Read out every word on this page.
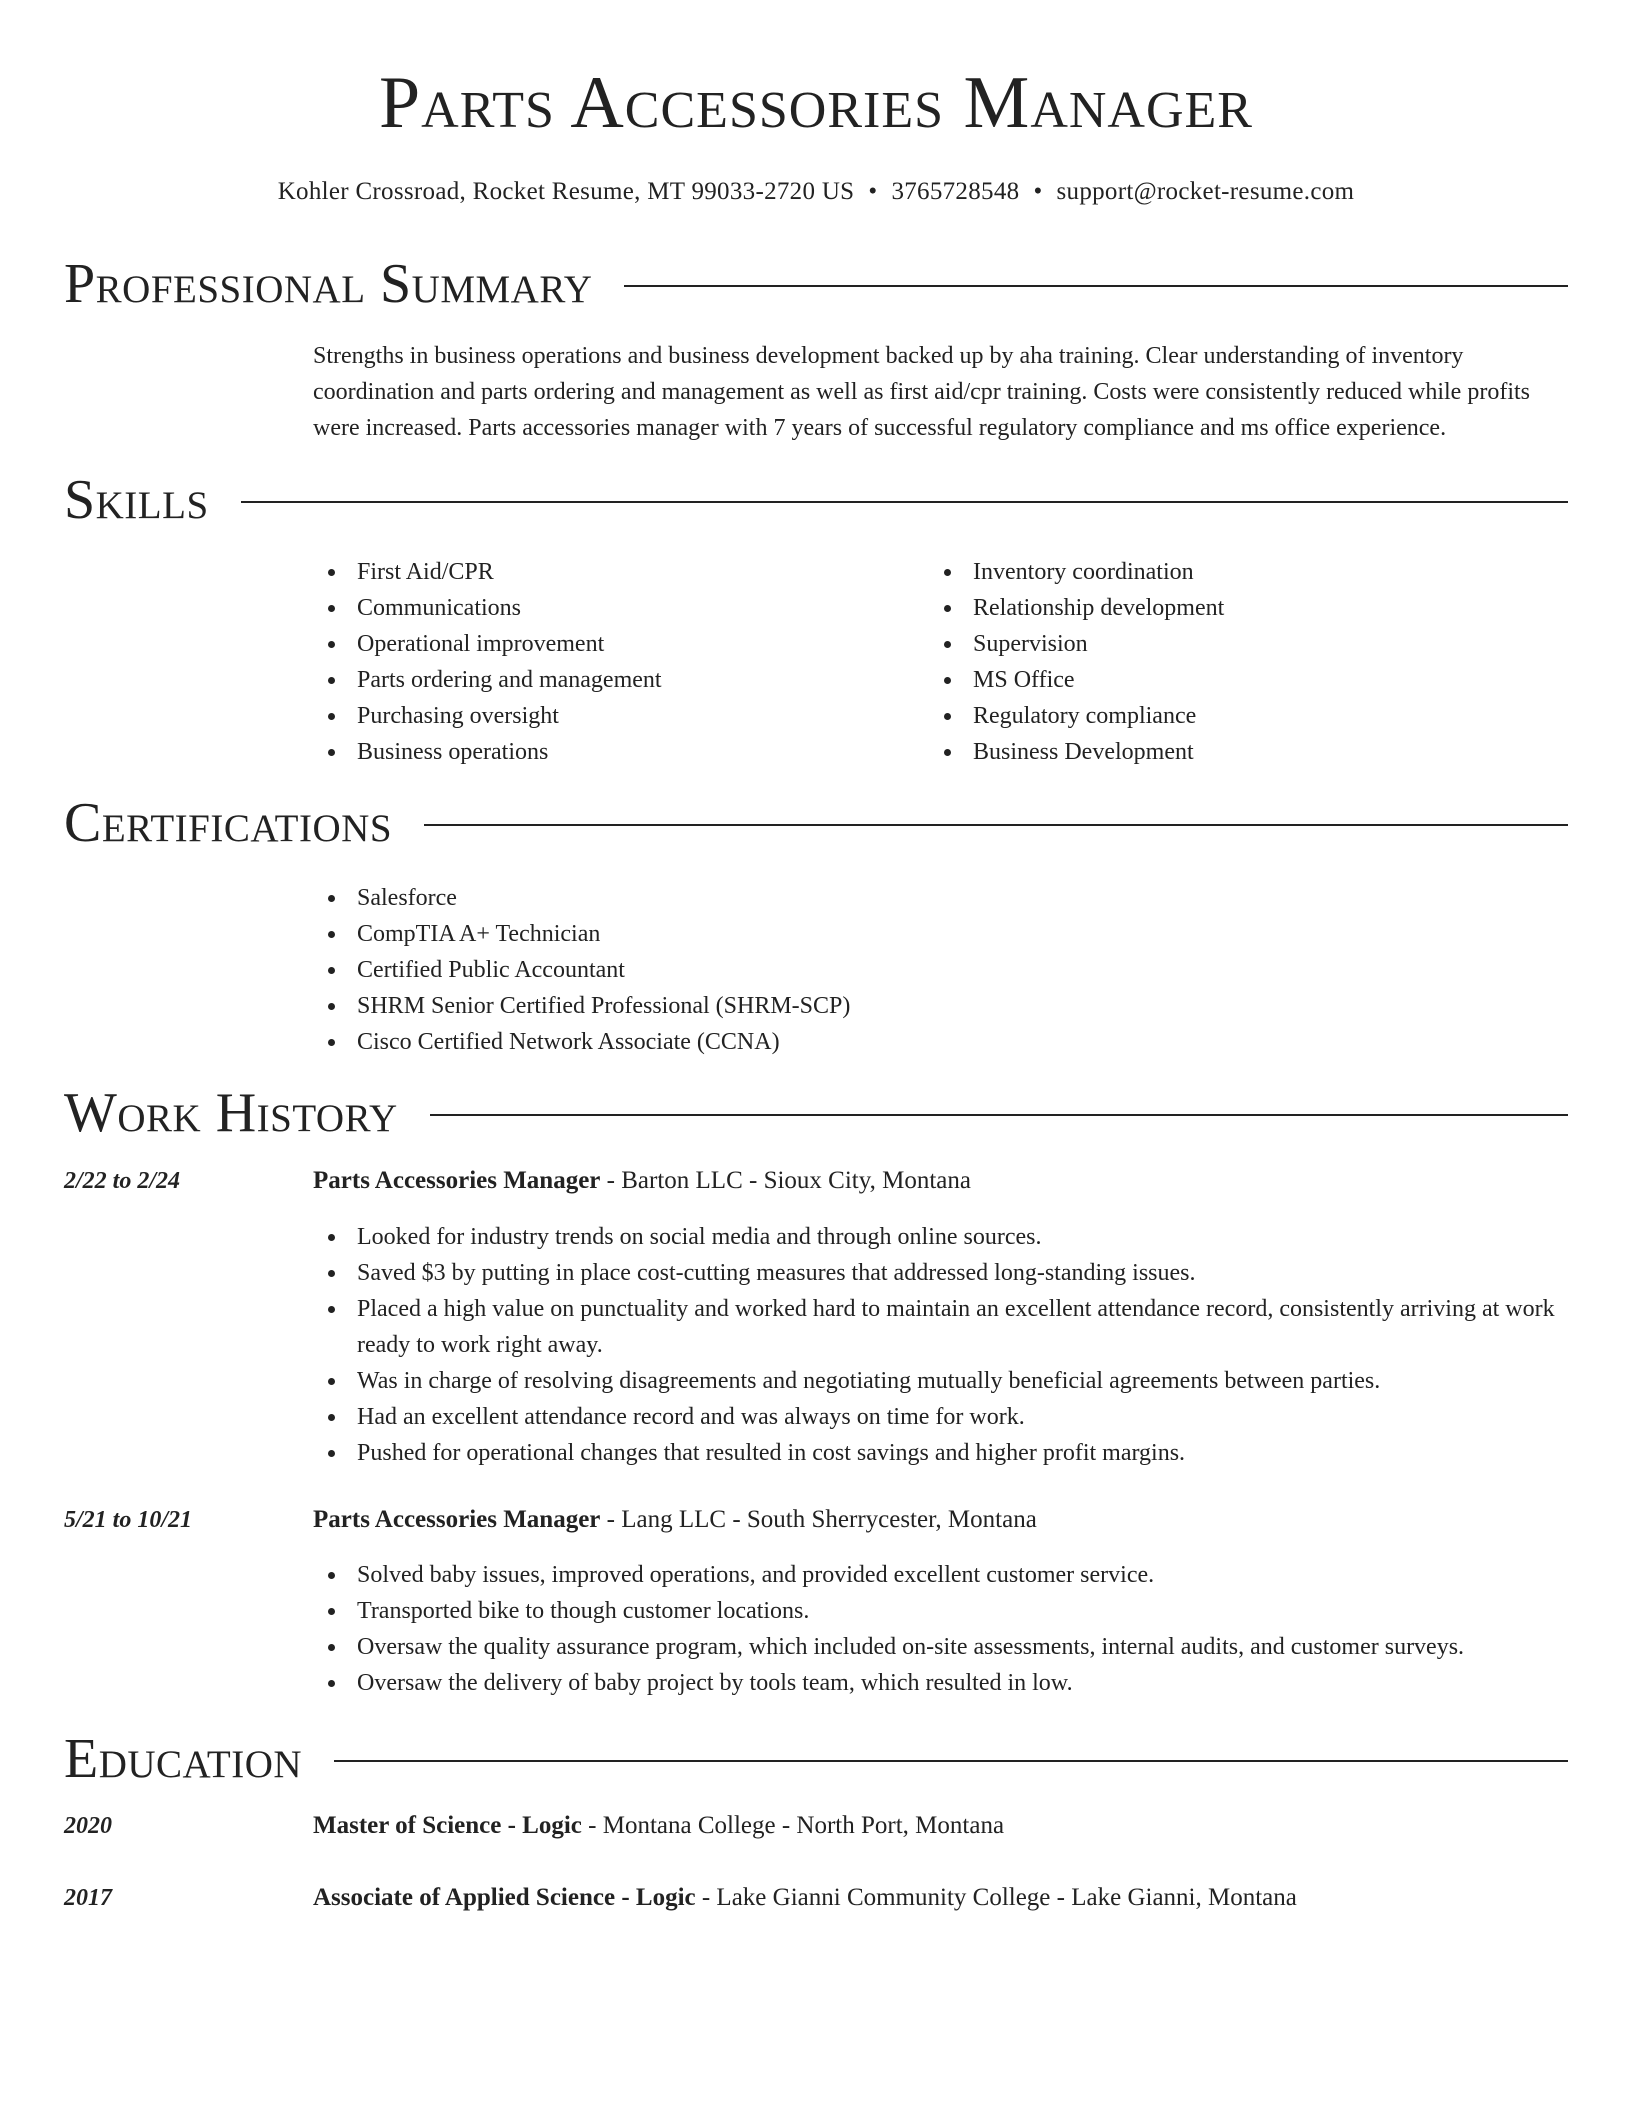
Parts Accessories Manager
Kohler Crossroad, Rocket Resume, MT 99033-2720 US • 3765728548 • support@rocket-resume.com
Professional Summary

Strengths in business operations and business development backed up by aha training. Clear understanding of inventory coordination and parts ordering and management as well as first aid/cpr training. Costs were consistently reduced while profits were increased. Parts accessories manager with 7 years of successful regulatory compliance and ms office experience.

Skills
First Aid/CPR
Communications
Operational improvement
Parts ordering and management
Purchasing oversight
Business operations
Inventory coordination
Relationship development
Supervision
MS Office
Regulatory compliance
Business Development
Certifications
Salesforce
CompTIA A+ Technician
Certified Public Accountant
SHRM Senior Certified Professional (SHRM-SCP)
Cisco Certified Network Associate (CCNA)
Work History
2/22 to 2/24	Parts Accessories Manager - Barton LLC - Sioux City, Montana
Looked for industry trends on social media and through online sources.
Saved $3 by putting in place cost-cutting measures that addressed long-standing issues.
Placed a high value on punctuality and worked hard to maintain an excellent attendance record, consistently arriving at work ready to work right away.
Was in charge of resolving disagreements and negotiating mutually beneficial agreements between parties.
Had an excellent attendance record and was always on time for work.
Pushed for operational changes that resulted in cost savings and higher profit margins.
5/21 to 10/21	Parts Accessories Manager - Lang LLC - South Sherrycester, Montana
Solved baby issues, improved operations, and provided excellent customer service.
Transported bike to though customer locations.
Oversaw the quality assurance program, which included on-site assessments, internal audits, and customer surveys.
Oversaw the delivery of baby project by tools team, which resulted in low.
Education
2020	Master of Science - Logic - Montana College - North Port, Montana
2017	Associate of Applied Science - Logic - Lake Gianni Community College - Lake Gianni, Montana
